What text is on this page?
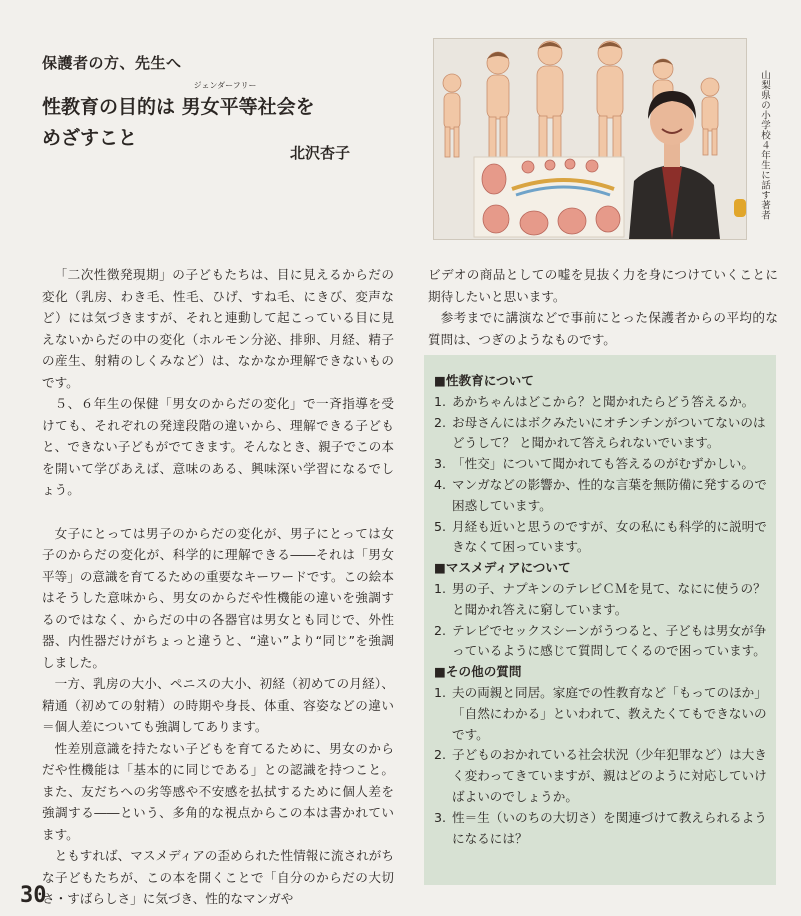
保護者の方、先生へ
性教育の目的は
ジェンダーフリー
男女平等社会を
めざすこと
北沢杏子	山梨県の小学校４年生に話す著者

「二次性徴発現期」の子どもたちは、目に見えるからだの変化（乳房、わき毛、性毛、ひげ、すね毛、にきび、変声など）には気づきますが、それと連動して起こっている目に見えないからだの中の変化（ホルモン分泌、排卵、月経、精子の産生、射精のしくみなど）は、なかなか理解できないものです。

５、６年生の保健「男女のからだの変化」で一斉指導を受けても、それぞれの発達段階の違いから、理解できる子どもと、できない子どもがでてきます。そんなとき、親子でこの本を開いて学びあえば、意味のある、興味深い学習になるでしょう。

女子にとっては男子のからだの変化が、男子にとっては女子のからだの変化が、科学的に理解できる――それは「男女平等」の意識を育てるための重要なキーワードです。この絵本はそうした意味から、男女のからだや性機能の違いを強調するのではなく、からだの中の各器官は男女とも同じで、外性器、内性器だけがちょっと違うと、“違い”より“同じ”を強調しました。

一方、乳房の大小、ペニスの大小、初経（初めての月経）、精通（初めての射精）の時期や身長、体重、容姿などの違い＝個人差についても強調してあります。

性差別意識を持たない子どもを育てるために、男女のからだや性機能は「基本的に同じである」との認識を持つこと。また、友だちへの劣等感や不安感を払拭するために個人差を強調する――という、多角的な視点からこの本は書かれています。

ともすれば、マスメディアの歪められた性情報に流されがちな子どもたちが、この本を開くことで「自分のからだの大切さ・すばらしさ」に気づき、性的なマンガや

ビデオの商品としての嘘を見抜く力を身につけていくことに期待したいと思います。

参考までに講演などで事前にとった保護者からの平均的な質問は、つぎのようなものです。

■ 性教育について
1. あかちゃんはどこから？と聞かれたらどう答えるか。
2. お母さんにはボクみたいにオチンチンがついてないのはどうして？ と聞かれて答えられないでいます。
3. 「性交」について聞かれても答えるのがむずかしい。
4. マンガなどの影響か、性的な言葉を無防備に発するので困惑しています。
5. 月経も近いと思うのですが、女の私にも科学的に説明できなくて困っています。
■ マスメディアについて
1. 男の子、ナプキンのテレビＣＭを見て、なにに使うの？ と聞かれ答えに窮しています。
2. テレビでセックスシーンがうつると、子どもは男女が争っているように感じて質問してくるので困っています。
■ その他の質問
1. 夫の両親と同居。家庭での性教育など「もってのほか」「自然にわかる」といわれて、教えたくてもできないのです。
2. 子どものおかれている社会状況（少年犯罪など）は大きく変わってきていますが、親はどのように対応していけばよいのでしょうか。
3. 性＝生（いのちの大切さ）を関連づけて教えられるようになるには？
30
